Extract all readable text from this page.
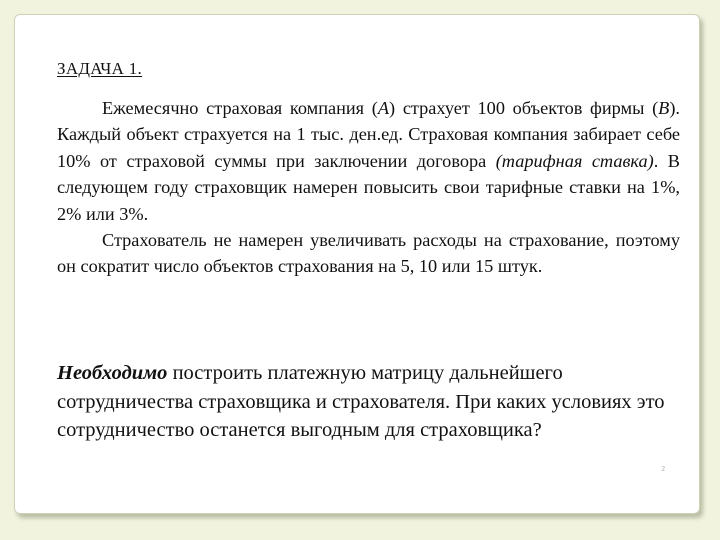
ЗАДАЧА 1.

Ежемесячно страховая компания (А) страхует 100 объектов фирмы (В). Каждый объект страхуется на 1 тыс. ден.ед. Страховая компания забирает себе 10% от страховой суммы при заключении договора (тарифная ставка). В следующем году страховщик намерен повысить свои тарифные ставки на 1%, 2% или 3%.

Страхователь не намерен увеличивать расходы на страхование, поэтому он сократит число объектов страхования на 5, 10 или 15 штук.

Необходимо построить платежную матрицу дальнейшего сотрудничества страховщика и страхователя. При каких условиях это сотрудничество останется выгодным для страховщика?
2
